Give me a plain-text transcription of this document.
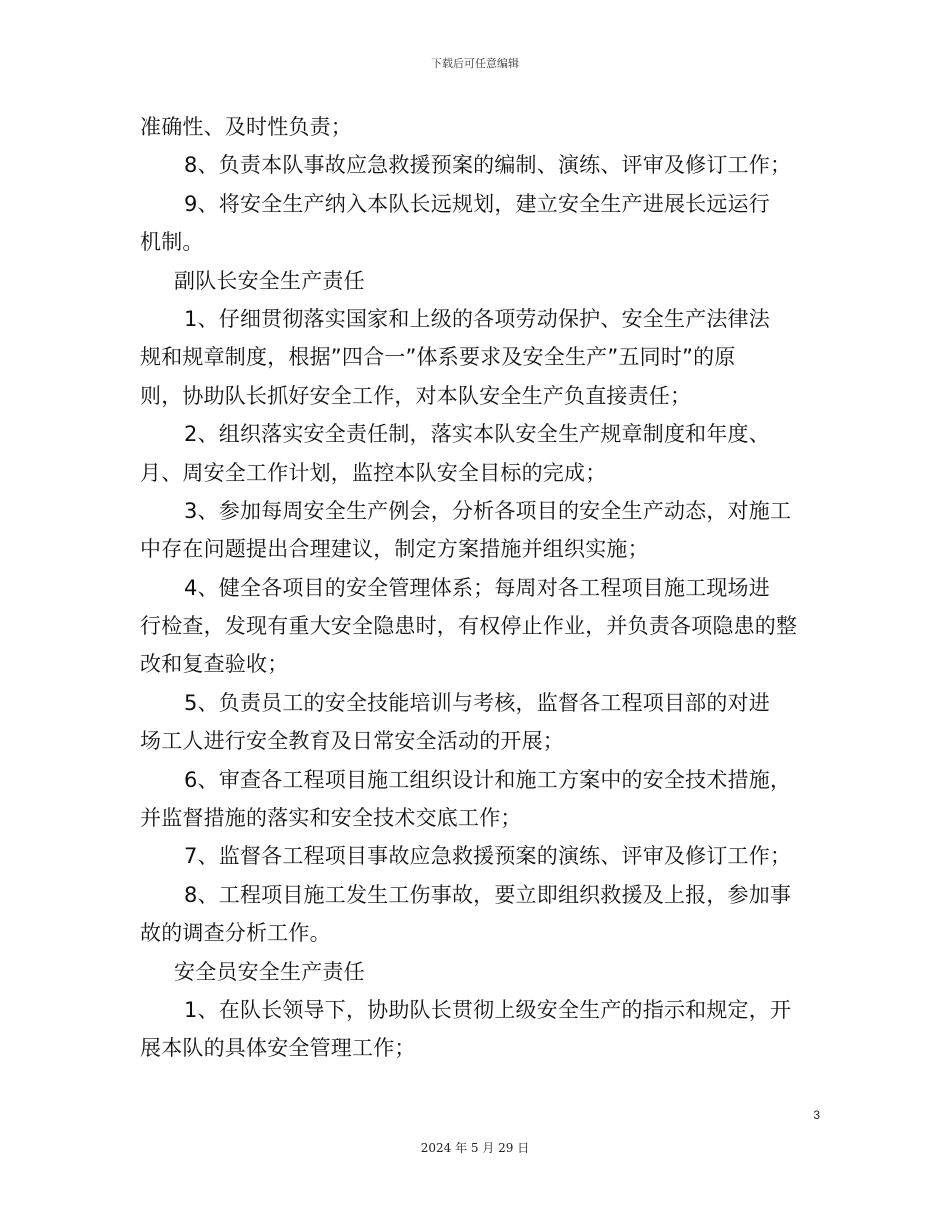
下载后可任意编辑
准确性、及时性负责；
8、负责本队事故应急救援预案的编制、演练、评审及修订工作；
9、将安全生产纳入本队长远规划，建立安全生产进展长远运行
机制。
副队长安全生产责任
1、仔细贯彻落实国家和上级的各项劳动保护、安全生产法律法
规和规章制度，根据”四合一”体系要求及安全生产”五同时”的原
则，协助队长抓好安全工作，对本队安全生产负直接责任；
2、组织落实安全责任制，落实本队安全生产规章制度和年度、
月、周安全工作计划，监控本队安全目标的完成；
3、参加每周安全生产例会，分析各项目的安全生产动态，对施工
中存在问题提出合理建议，制定方案措施并组织实施；
4、健全各项目的安全管理体系；每周对各工程项目施工现场进
行检查，发现有重大安全隐患时，有权停止作业，并负责各项隐患的整
改和复查验收；
5、负责员工的安全技能培训与考核，监督各工程项目部的对进
场工人进行安全教育及日常安全活动的开展；
6、审查各工程项目施工组织设计和施工方案中的安全技术措施，
并监督措施的落实和安全技术交底工作；
7、监督各工程项目事故应急救援预案的演练、评审及修订工作；
8、工程项目施工发生工伤事故，要立即组织救援及上报，参加事
故的调查分析工作。
安全员安全生产责任
1、在队长领导下，协助队长贯彻上级安全生产的指示和规定，开
展本队的具体安全管理工作；
3
2024 年 5 月 29 日
